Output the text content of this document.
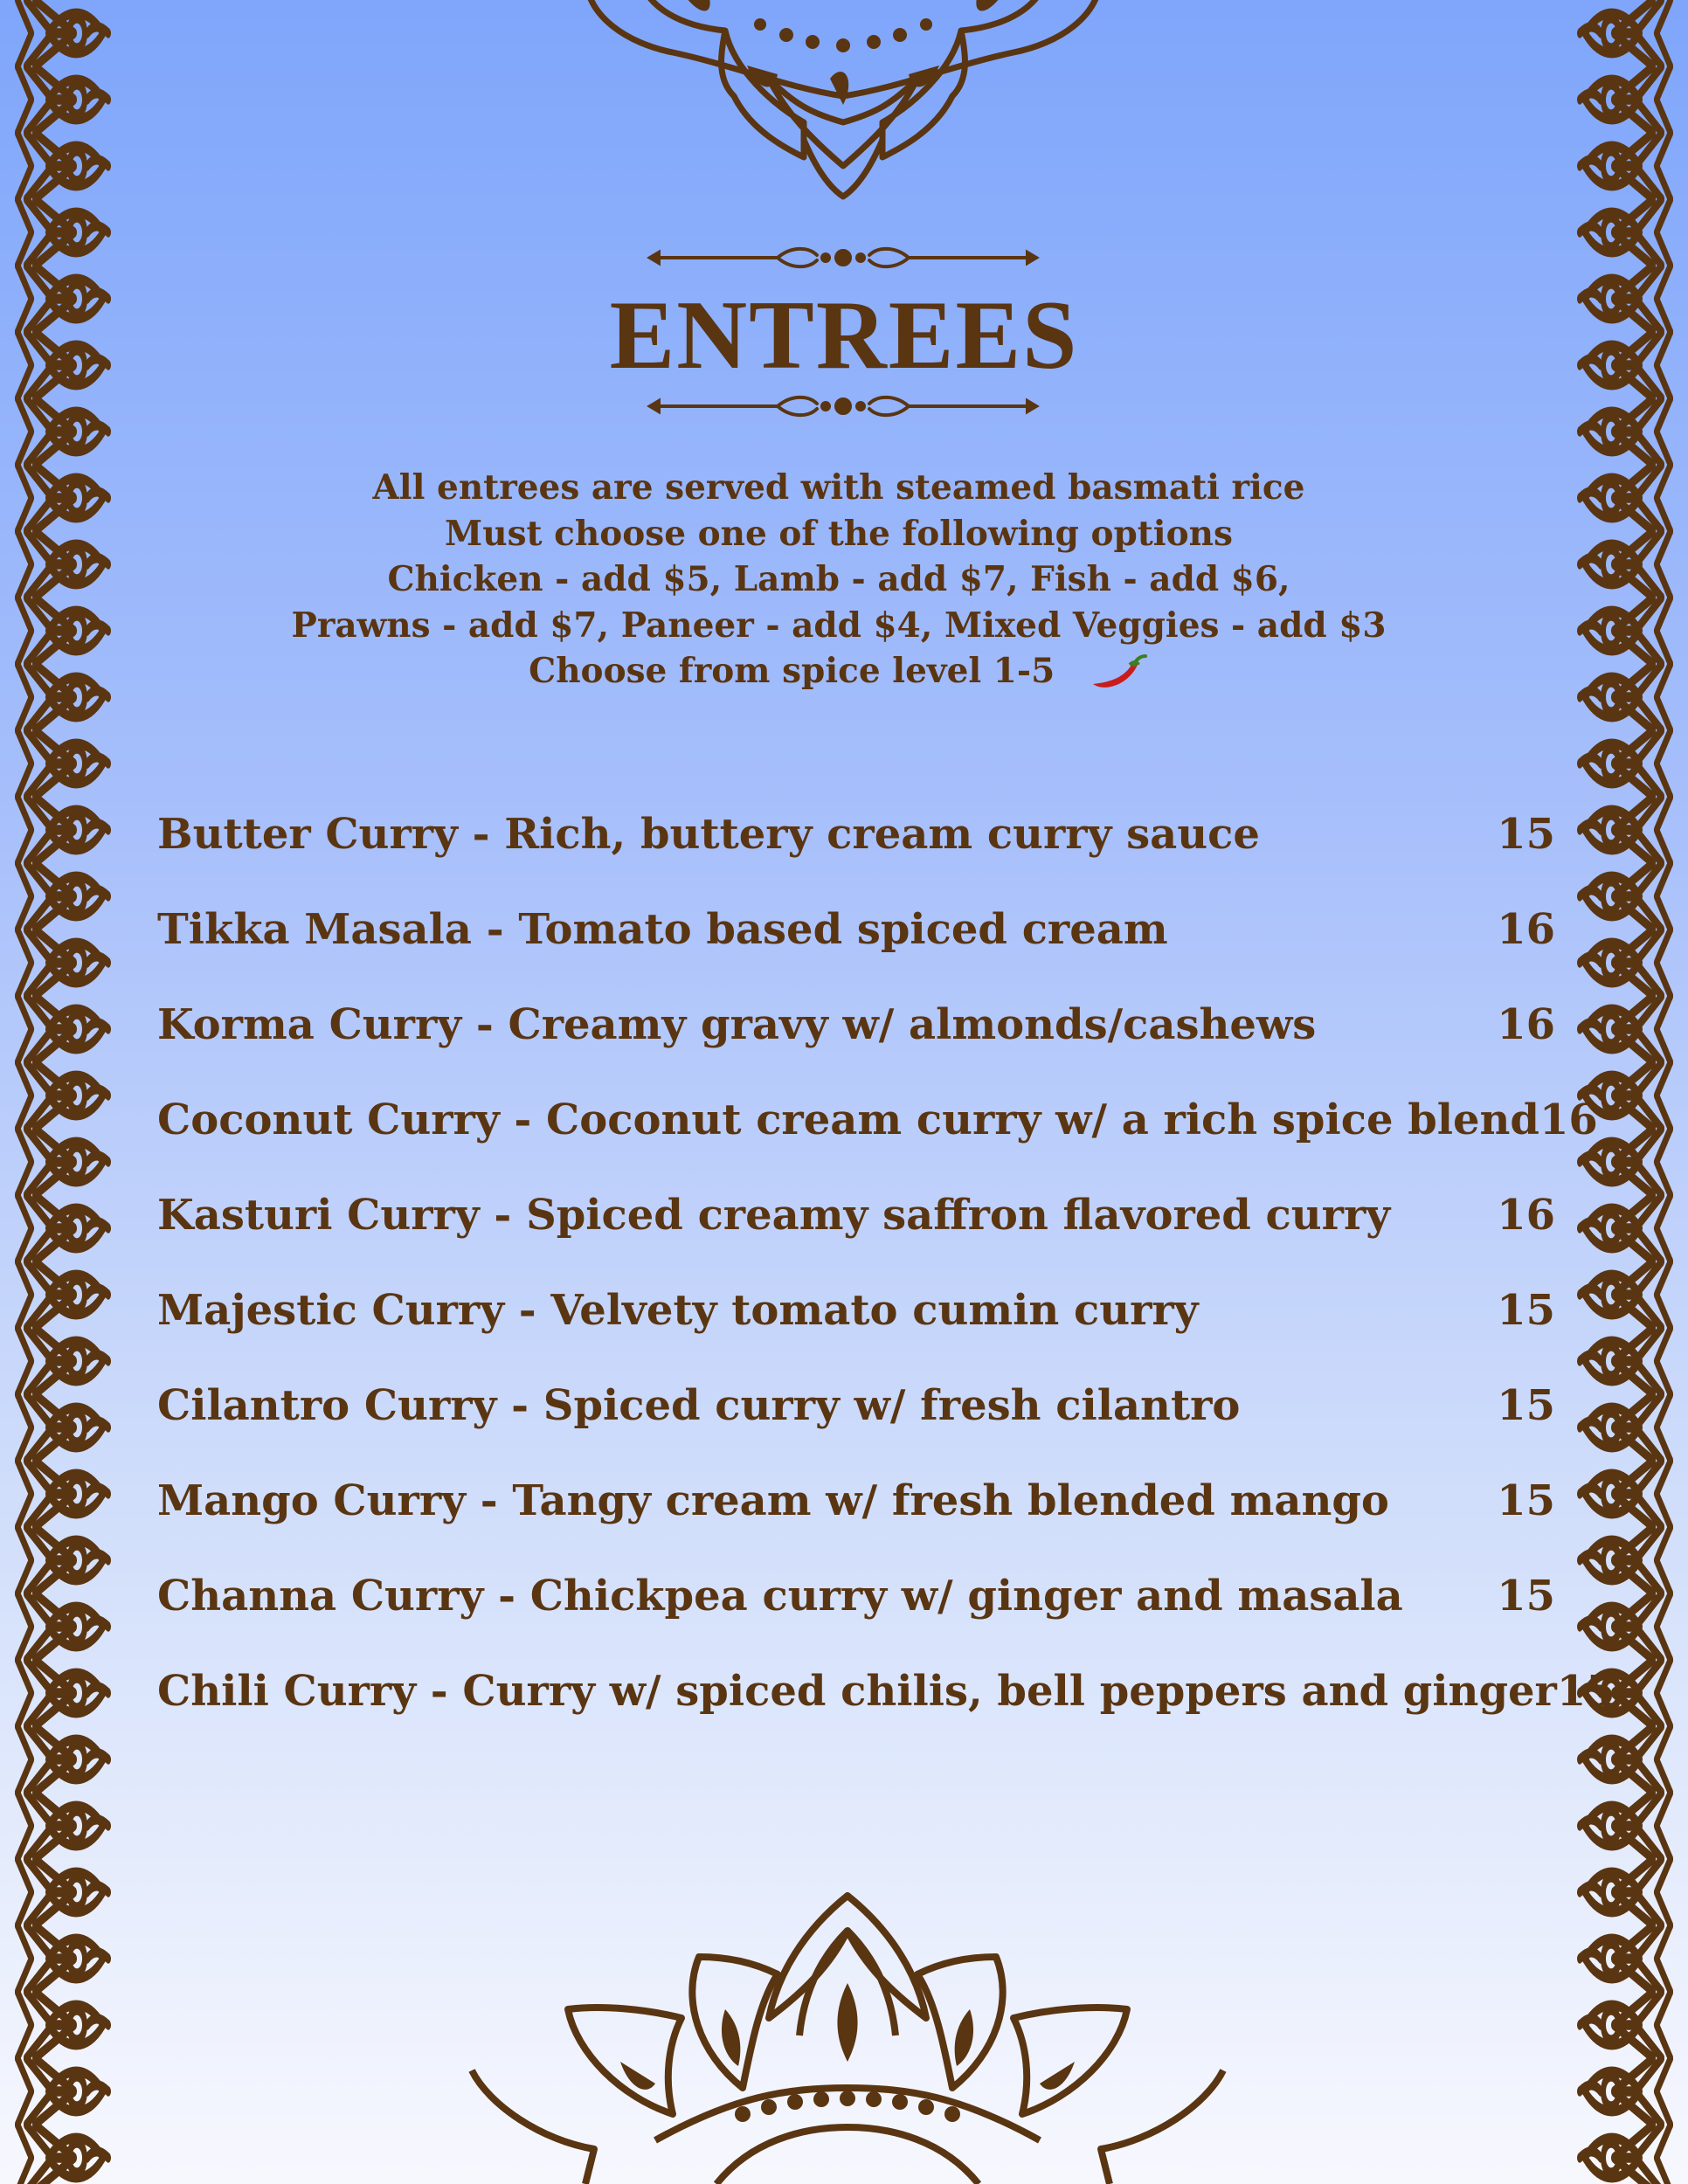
ENTREES
All entrees are served with steamed basmati rice
Must choose one of the following options
Chicken - add $5, Lamb - add $7, Fish - add $6,
Prawns - add $7, Paneer - add $4, Mixed Veggies - add $3
Choose from spice level 1-5
Butter Curry - Rich, buttery cream curry sauce	15
Tikka Masala - Tomato based spiced cream	16
Korma Curry - Creamy gravy w/ almonds/cashews	16
Coconut Curry - Coconut cream curry w/ a rich spice blend 16
Kasturi Curry - Spiced creamy saffron flavored curry	16
Majestic Curry - Velvety tomato cumin curry	15
Cilantro Curry - Spiced curry w/ fresh cilantro	15
Mango Curry - Tangy cream w/ fresh blended mango	15
Channa Curry - Chickpea curry w/ ginger and masala 15
Chili Curry - Curry w/ spiced chilis, bell peppers and ginger 15
